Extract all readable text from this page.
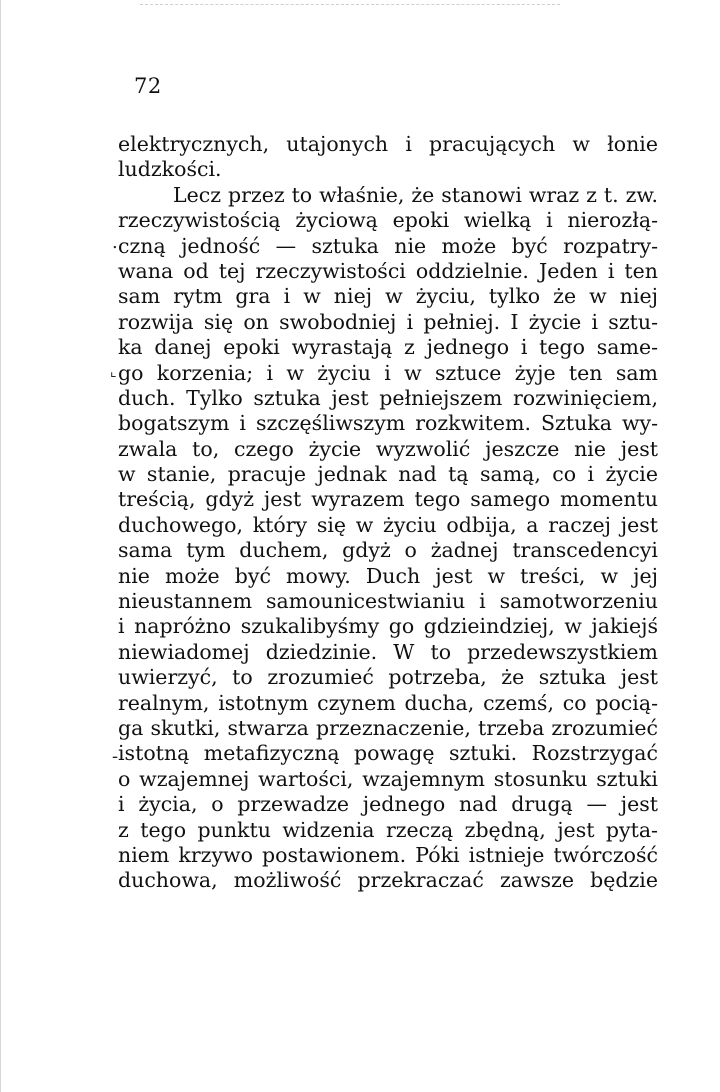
72
.
⌞
-
elektrycznych, utajonych i pracujących w łonie
ludzkości.
Lecz przez to właśnie, że stanowi wraz z t. zw.
rzeczywistością życiową epoki wielką i nierozłą-
czną jedność — sztuka nie może być rozpatry-
wana od tej rzeczywistości oddzielnie. Jeden i ten
sam rytm gra i w niej w życiu, tylko że w niej
rozwija się on swobodniej i pełniej. I życie i sztu-
ka danej epoki wyrastają z jednego i tego same-
go korzenia; i w życiu i w sztuce żyje ten sam
duch. Tylko sztuka jest pełniejszem rozwinięciem,
bogatszym i szczęśliwszym rozkwitem. Sztuka wy-
zwala to, czego życie wyzwolić jeszcze nie jest
w stanie, pracuje jednak nad tą samą, co i życie
treścią, gdyż jest wyrazem tego samego momentu
duchowego, który się w życiu odbija, a raczej jest
sama tym duchem, gdyż o żadnej transcedencyi
nie może być mowy. Duch jest w treści, w jej
nieustannem samounicestwianiu i samotworzeniu
i napróżno szukalibyśmy go gdzieindziej, w jakiejś
niewiadomej dziedzinie. W to przedewszystkiem
uwierzyć, to zrozumieć potrzeba, że sztuka jest
realnym, istotnym czynem ducha, czemś, co pocią-
ga skutki, stwarza przeznaczenie, trzeba zrozumieć
istotną metafizyczną powagę sztuki. Rozstrzygać
o wzajemnej wartości, wzajemnym stosunku sztuki
i życia, o przewadze jednego nad drugą — jest
z tego punktu widzenia rzeczą zbędną, jest pyta-
niem krzywo postawionem. Póki istnieje twórczość
duchowa, możliwość przekraczać zawsze będzie
